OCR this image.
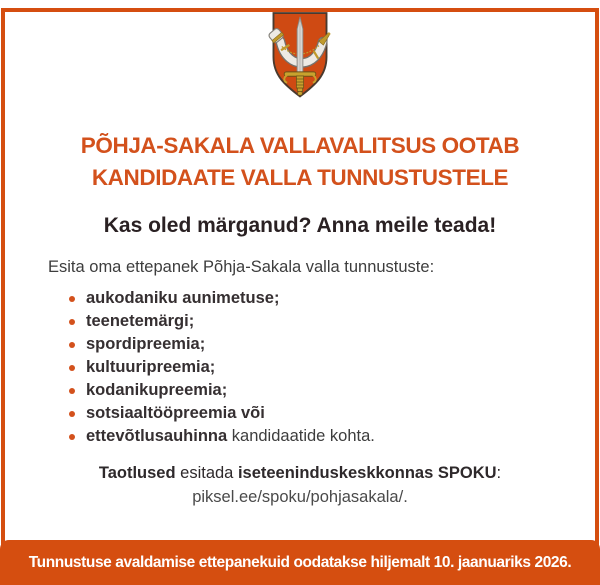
PÕHJA-SAKALA VALLAVALITSUS OOTAB
KANDIDAATE VALLA TUNNUSTUSTELE

Kas oled märganud? Anna meile teada!

Esita oma ettepanek Põhja-Sakala valla tunnustuste:

aukodaniku aunimetuse;
teenetemärgi;
spordipreemia;
kultuuripreemia;
kodanikupreemia;
sotsiaaltööpreemia või
ettevõtlusauhinna kandidaatide kohta.

Taotlused esitada iseteeninduskeskkonnas SPOKU:

piksel.ee/spoku/pohjasakala/.

Tunnustuse avaldamise ettepanekuid oodatakse hiljemalt 10. jaanuariks 2026.
